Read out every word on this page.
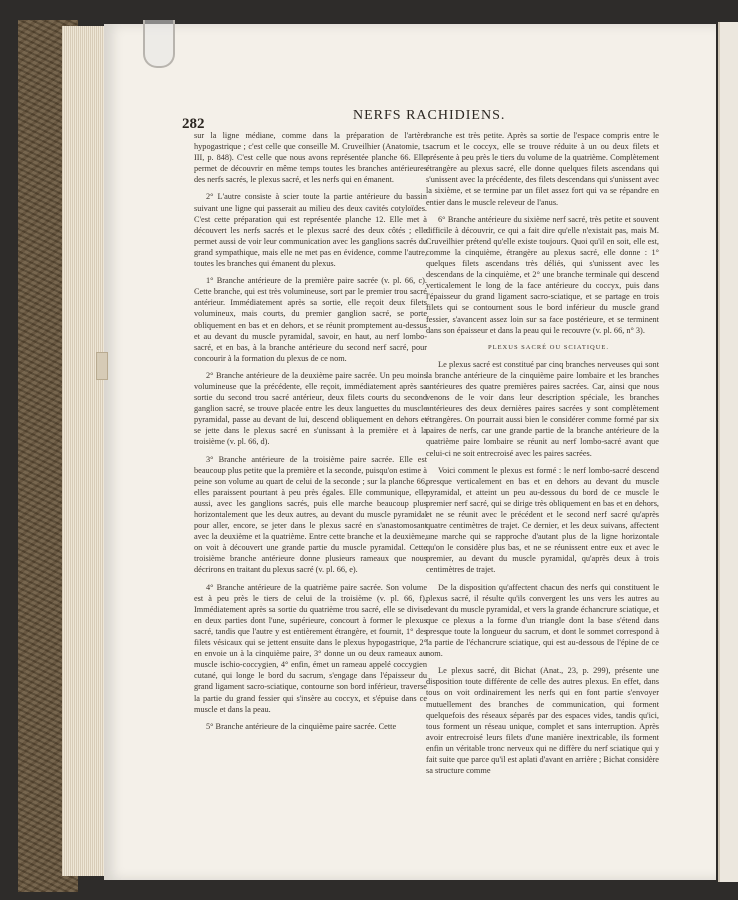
282
NERFS RACHIDIENS.

sur la ligne médiane, comme dans la préparation de l'artère hypogastrique ; c'est celle que conseille M. Cruveilhier (Anatomie, t. III, p. 848). C'est celle que nous avons représentée planche 66. Elle permet de découvrir en même temps toutes les branches antérieures des nerfs sacrés, le plexus sacré, et les nerfs qui en émanent.

2° L'autre consiste à scier toute la partie antérieure du bassin suivant une ligne qui passerait au milieu des deux cavités cotyloïdes. C'est cette préparation qui est représentée planche 12. Elle met à découvert les nerfs sacrés et le plexus sacré des deux côtés ; elle permet aussi de voir leur communication avec les ganglions sacrés du grand sympathique, mais elle ne met pas en évidence, comme l'autre, toutes les branches qui émanent du plexus.

1° Branche antérieure de la première paire sacrée (v. pl. 66, c). Cette branche, qui est très volumineuse, sort par le premier trou sacré antérieur. Immédiatement après sa sortie, elle reçoit deux filets volumineux, mais courts, du premier ganglion sacré, se porte obliquement en bas et en dehors, et se réunit promptement au-dessus et au devant du muscle pyramidal, savoir, en haut, au nerf lombo-sacré, et en bas, à la branche antérieure du second nerf sacré, pour concourir à la formation du plexus de ce nom.

2° Branche antérieure de la deuxième paire sacrée. Un peu moins volumineuse que la précédente, elle reçoit, immédiatement après sa sortie du second trou sacré antérieur, deux filets courts du second ganglion sacré, se trouve placée entre les deux languettes du muscle pyramidal, passe au devant de lui, descend obliquement en dehors et se jette dans le plexus sacré en s'unissant à la première et à la troisième (v. pl. 66, d).

3° Branche antérieure de la troisième paire sacrée. Elle est beaucoup plus petite que la première et la seconde, puisqu'on estime à peine son volume au quart de celui de la seconde ; sur la planche 66, elles paraissent pourtant à peu près égales. Elle communique, elle aussi, avec les ganglions sacrés, puis elle marche beaucoup plus horizontalement que les deux autres, au devant du muscle pyramidal pour aller, encore, se jeter dans le plexus sacré en s'anastomosant avec la deuxième et la quatrième. Entre cette branche et la deuxième, on voit à découvert une grande partie du muscle pyramidal. Cette troisième branche antérieure donne plusieurs rameaux que nous décrirons en traitant du plexus sacré (v. pl. 66, e).

4° Branche antérieure de la quatrième paire sacrée. Son volume est à peu près le tiers de celui de la troisième (v. pl. 66, f). Immédiatement après sa sortie du quatrième trou sacré, elle se divise en deux parties dont l'une, supérieure, concourt à former le plexus sacré, tandis que l'autre y est entièrement étrangère, et fournit, 1° des filets vésicaux qui se jettent ensuite dans le plexus hypogastrique, 2° en envoie un à la cinquième paire, 3° donne un ou deux rameaux au muscle ischio-coccygien, 4° enfin, émet un rameau appelé coccygien cutané, qui longe le bord du sacrum, s'engage dans l'épaisseur du grand ligament sacro-sciatique, contourne son bord inférieur, traverse la partie du grand fessier qui s'insère au coccyx, et s'épuise dans ce muscle et dans la peau.

5° Branche antérieure de la cinquième paire sacrée. Cette

branche est très petite. Après sa sortie de l'espace compris entre le sacrum et le coccyx, elle se trouve réduite à un ou deux filets et présente à peu près le tiers du volume de la quatrième. Complètement étrangère au plexus sacré, elle donne quelques filets ascendans qui s'unissent avec la précédente, des filets descendans qui s'unissent avec la sixième, et se termine par un filet assez fort qui va se répandre en entier dans le muscle releveur de l'anus.

6° Branche antérieure du sixième nerf sacré, très petite et souvent difficile à découvrir, ce qui a fait dire qu'elle n'existait pas, mais M. Cruveilhier prétend qu'elle existe toujours. Quoi qu'il en soit, elle est, comme la cinquième, étrangère au plexus sacré, elle donne : 1° quelques filets ascendans très déliés, qui s'unissent avec les descendans de la cinquième, et 2° une branche terminale qui descend verticalement le long de la face antérieure du coccyx, puis dans l'épaisseur du grand ligament sacro-sciatique, et se partage en trois filets qui se contournent sous le bord inférieur du muscle grand fessier, s'avancent assez loin sur sa face postérieure, et se terminent dans son épaisseur et dans la peau qui le recouvre (v. pl. 66, n° 3).

PLEXUS SACRÉ OU SCIATIQUE.

Le plexus sacré est constitué par cinq branches nerveuses qui sont la branche antérieure de la cinquième paire lombaire et les branches antérieures des quatre premières paires sacrées. Car, ainsi que nous venons de le voir dans leur description spéciale, les branches antérieures des deux dernières paires sacrées y sont complètement étrangères. On pourrait aussi bien le considérer comme formé par six paires de nerfs, car une grande partie de la branche antérieure de la quatrième paire lombaire se réunit au nerf lombo-sacré avant que celui-ci ne soit entrecroisé avec les paires sacrées.

Voici comment le plexus est formé : le nerf lombo-sacré descend presque verticalement en bas et en dehors au devant du muscle pyramidal, et atteint un peu au-dessous du bord de ce muscle le premier nerf sacré, qui se dirige très obliquement en bas et en dehors, et ne se réunit avec le précédent et le second nerf sacré qu'après quatre centimètres de trajet. Ce dernier, et les deux suivans, affectent une marche qui se rapproche d'autant plus de la ligne horizontale qu'on le considère plus bas, et ne se réunissent entre eux et avec le premier, au devant du muscle pyramidal, qu'après deux à trois centimètres de trajet.

De la disposition qu'affectent chacun des nerfs qui constituent le plexus sacré, il résulte qu'ils convergent les uns vers les autres au devant du muscle pyramidal, et vers la grande échancrure sciatique, et que ce plexus a la forme d'un triangle dont la base s'étend dans presque toute la longueur du sacrum, et dont le sommet correspond à la partie de l'échancrure sciatique, qui est au-dessous de l'épine de ce nom.

Le plexus sacré, dit Bichat (Anat., 23, p. 299), présente une disposition toute différente de celle des autres plexus. En effet, dans tous on voit ordinairement les nerfs qui en font partie s'envoyer mutuellement des branches de communication, qui forment quelquefois des réseaux séparés par des espaces vides, tandis qu'ici, tous forment un réseau unique, complet et sans interruption. Après avoir entrecroisé leurs filets d'une manière inextricable, ils forment enfin un véritable tronc nerveux qui ne diffère du nerf sciatique qui y fait suite que parce qu'il est aplati d'avant en arrière ; Bichat considère sa structure comme
